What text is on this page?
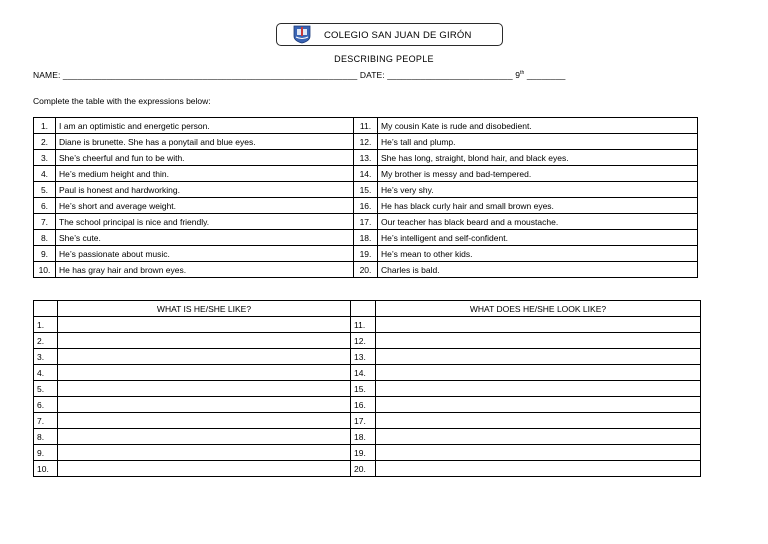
COLEGIO SAN JUAN DE GIRÓN
DESCRIBING PEOPLE
NAME: _____________________________________________________________ DATE: __________________________ 9th ________
Complete the table with the expressions below:
1.	I am an optimistic and energetic person.	11.	My cousin Kate is rude and disobedient.
2.	Diane is brunette. She has a ponytail and blue eyes.	12.	He’s tall and plump.
3.	She’s cheerful and fun to be with.	13.	She has long, straight, blond hair, and black eyes.
4.	He’s medium height and thin.	14.	My brother is messy and bad-tempered.
5.	Paul is honest and hardworking.	15.	He’s very shy.
6.	He’s short and average weight.	16.	He has black curly hair and small brown eyes.
7.	The school principal is nice and friendly.	17.	Our teacher has black beard and a moustache.
8.	She’s cute.	18.	He’s intelligent and self-confident.
9.	He’s passionate about music.	19.	He’s mean to other kids.
10.	He has gray hair and brown eyes.	20.	Charles is bald.
	WHAT IS HE/SHE LIKE?		WHAT DOES HE/SHE LOOK LIKE?
1.		11.	
2.		12.	
3.		13.	
4.		14.	
5.		15.	
6.		16.	
7.		17.	
8.		18.	
9.		19.	
10.		20.	
